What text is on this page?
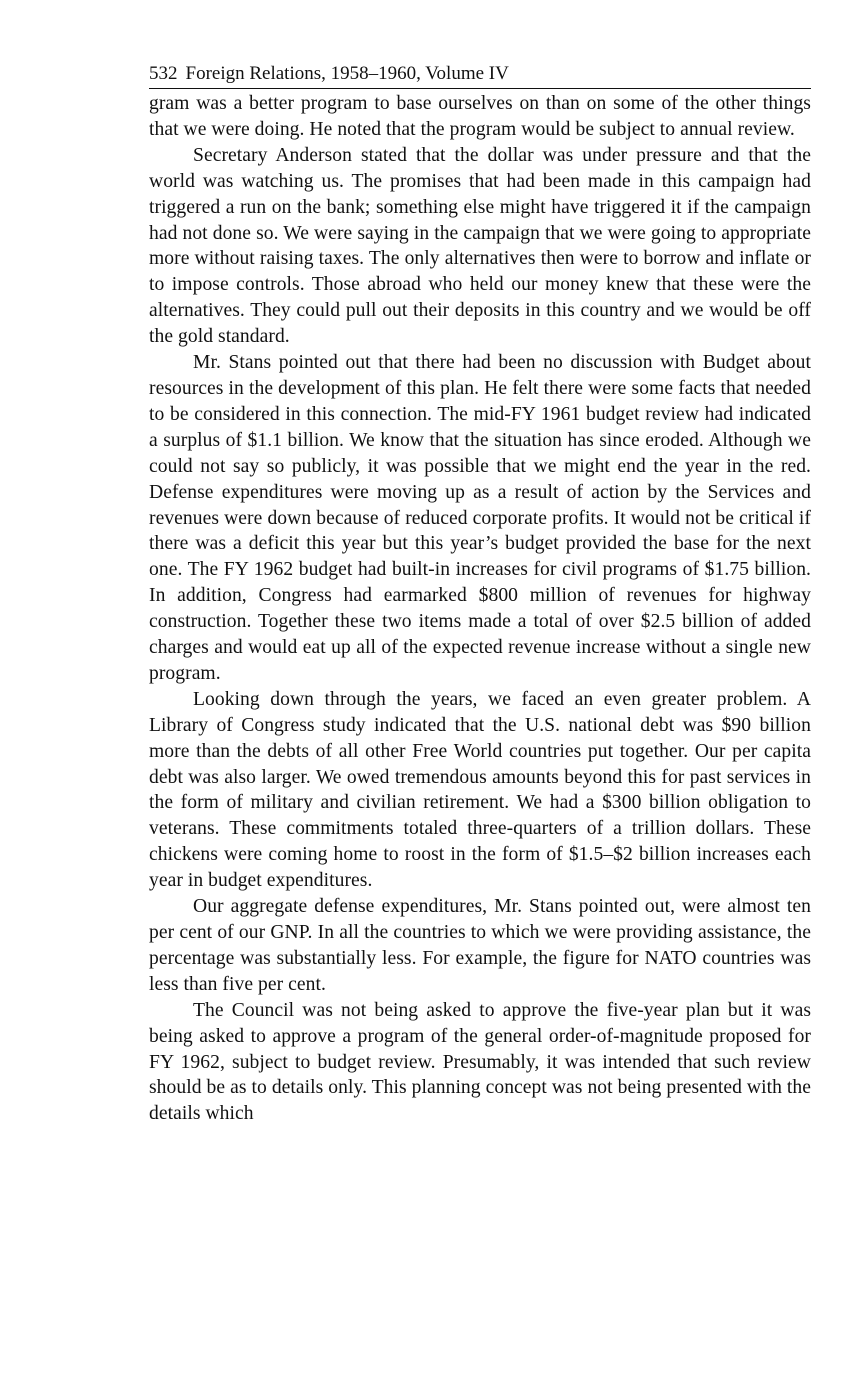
532 Foreign Relations, 1958–1960, Volume IV

gram was a better program to base ourselves on than on some of the other things that we were doing. He noted that the program would be subject to annual review.

Secretary Anderson stated that the dollar was under pressure and that the world was watching us. The promises that had been made in this campaign had triggered a run on the bank; something else might have triggered it if the campaign had not done so. We were saying in the campaign that we were going to appropriate more without raising taxes. The only alternatives then were to borrow and inflate or to impose controls. Those abroad who held our money knew that these were the alternatives. They could pull out their deposits in this country and we would be off the gold standard.

Mr. Stans pointed out that there had been no discussion with Budget about resources in the development of this plan. He felt there were some facts that needed to be considered in this connection. The mid-FY 1961 budget review had indicated a surplus of $1.1 billion. We know that the situation has since eroded. Although we could not say so publicly, it was possible that we might end the year in the red. Defense expenditures were moving up as a result of action by the Services and revenues were down because of reduced corporate profits. It would not be critical if there was a deficit this year but this year’s budget provided the base for the next one. The FY 1962 budget had built-in increases for civil programs of $1.75 billion. In addition, Congress had earmarked $800 million of revenues for highway construction. Together these two items made a total of over $2.5 billion of added charges and would eat up all of the expected revenue increase without a single new program.

Looking down through the years, we faced an even greater problem. A Library of Congress study indicated that the U.S. national debt was $90 billion more than the debts of all other Free World countries put together. Our per capita debt was also larger. We owed tremendous amounts beyond this for past services in the form of military and civilian retirement. We had a $300 billion obligation to veterans. These commitments totaled three-quarters of a trillion dollars. These chickens were coming home to roost in the form of $1.5–$2 billion increases each year in budget expenditures.

Our aggregate defense expenditures, Mr. Stans pointed out, were almost ten per cent of our GNP. In all the countries to which we were providing assistance, the percentage was substantially less. For example, the figure for NATO countries was less than five per cent.

The Council was not being asked to approve the five-year plan but it was being asked to approve a program of the general order-of-magnitude proposed for FY 1962, subject to budget review. Presumably, it was intended that such review should be as to details only. This planning concept was not being presented with the details which
